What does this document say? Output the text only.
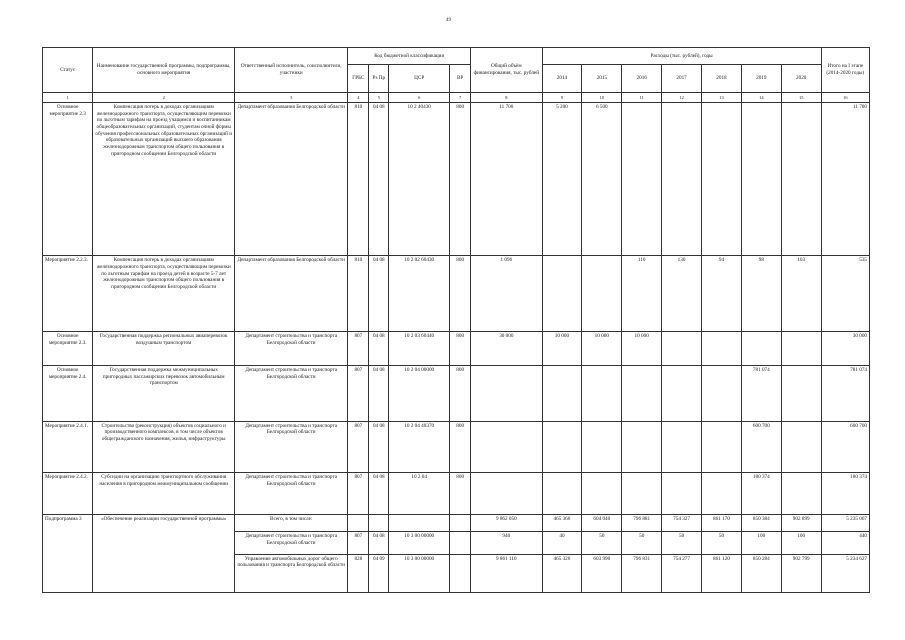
49
Статус	Наименование государственной программы, подпрограммы, основного мероприятия	Ответственный исполнитель, соисполнители, участники	Код бюджетной классификации				Общий объём финансирования, тыс. рублей	Расходы (тыс. рублей), годы							Итого на I этапе (2014-2020 годы)
			ГРБС	Рз Пр	ЦСР	ВР		2014	2015	2016	2017	2018	2019	2020	
1	2	3	4	5	6	7	8	9	10	11	12	13	14	15	16
Основное мероприятие 2.3	Компенсация потерь в доходах организациям железнодорожного транспорта, осуществляющим перевозки по льготным тарифам на проезд учащимся и воспитанникам общеобразовательных организаций, студентам очной формы обучения профессиональных образовательных организаций и образовательных организаций высшего образования железнодорожным транспортом общего пользования в пригородном сообщении Белгородской области	Департамент образования Белгородской области	810	04 08	10 2 40430	800	11 700	5 200	6 500						11 700
Мероприятие 2.2.3.	Компенсация потерь в доходах организациям железнодорожного транспорта, осуществляющим перевозки по льготным тарифам на проезд детей в возрасте 5-7 лет железнодорожным транспортом общего пользования в пригородном сообщении Белгородской области	Департамент образования Белгородской области	810	04 08	10 2 02 60430	800	1 096			110	130	94	98	103	535
Основное мероприятие 2.3.	Государственная поддержка региональных авиаперевозок воздушным транспортом	Департамент строительства и транспорта Белгородской области	807	04 08	10 2 03 60440	800	30 000	10 000	10 000	10 000					30 000
Основное мероприятие 2.4.	Государственная поддержка межмуниципальных пригородных пассажирских перевозок автомобильным транспортом	Департамент строительства и транспорта Белгородской области	807	04 08	10 2 04 00000	800							781 074		781 074
Мероприятие 2.4.1.	Строительство (реконструкция) объектов социального и производственного комплексов, в том числе объектов общегражданского назначения, жилья, инфраструктуры	Департамент строительства и транспорта Белгородской области	807	04 08	10 2 04 40370	800							600 700		600 700
Мероприятие 2.4.2.	Субсидии на организацию транспортного обслуживания населения в пригородном межмуниципальном сообщении	Департамент строительства и транспорта Белгородской области	807	04 08	10 2 04	800							180 374		180 374
Подпрограмма 3	«Обеспечение реализации государственной программы»	Всего, в том числе:					9 862 050	465 366	604 040	796 881	754 327	861 170	850 384	902 899	5 235 067
		Департамент строительства и транспорта Белгородской области	807	04 08	10 3 00 00000		940	40	50	50	50	50	100	100	440
		Управление автомобильных дорог общего пользования и транспорта Белгородской области	828	04 09	10 3 00 00000		9 861 110	465 326	603 990	796 831	754 277	861 120	850 284	902 799	5 234 627
